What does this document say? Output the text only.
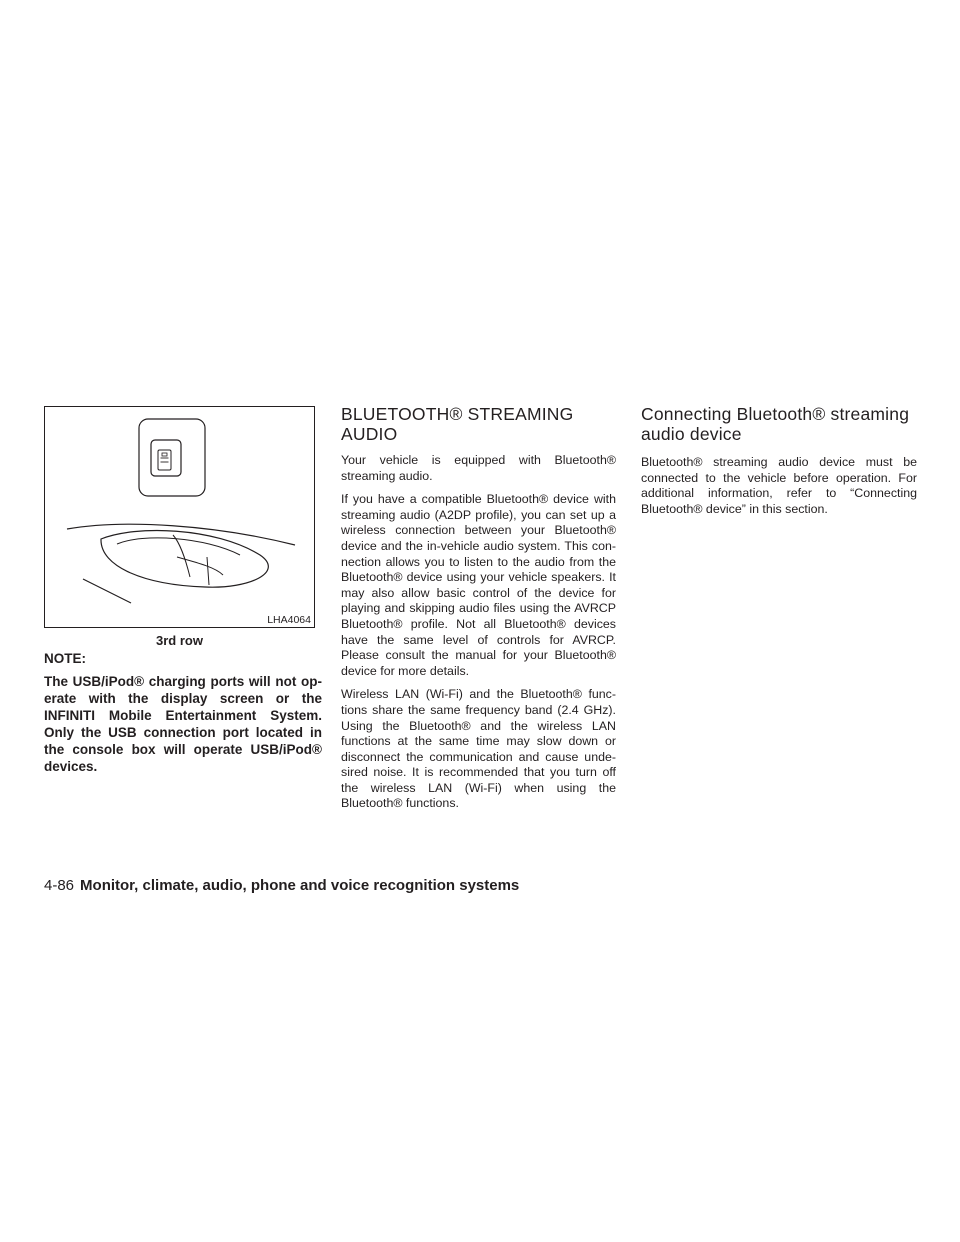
LHA4064
3rd row
NOTE:

The USB/iPod® charging ports will not op-erate with the display screen or the INFINITI Mobile Entertainment System. Only the USB connection port located in the console box will operate USB/iPod® devices.

BLUETOOTH® STREAMING AUDIO

Your vehicle is equipped with Bluetooth® streaming audio.

If you have a compatible Bluetooth® device with streaming audio (A2DP profile), you can set up a wireless connection between your Bluetooth® device and the in-vehicle audio system. This con-nection allows you to listen to the audio from the Bluetooth® device using your vehicle speakers. It may also allow basic control of the device for playing and skipping audio files using the AVRCP Bluetooth® profile. Not all Bluetooth® devices have the same level of controls for AVRCP. Please consult the manual for your Bluetooth® device for more details.

Wireless LAN (Wi-Fi) and the Bluetooth® func-tions share the same frequency band (2.4 GHz). Using the Bluetooth® and the wireless LAN functions at the same time may slow down or disconnect the communication and cause unde-sired noise. It is recommended that you turn off the wireless LAN (Wi-Fi) when using the Bluetooth® functions.

Connecting Bluetooth® streaming audio device

Bluetooth® streaming audio device must be connected to the vehicle before operation. For additional information, refer to “Connecting Bluetooth® device” in this section.

4-86 Monitor, climate, audio, phone and voice recognition systems
